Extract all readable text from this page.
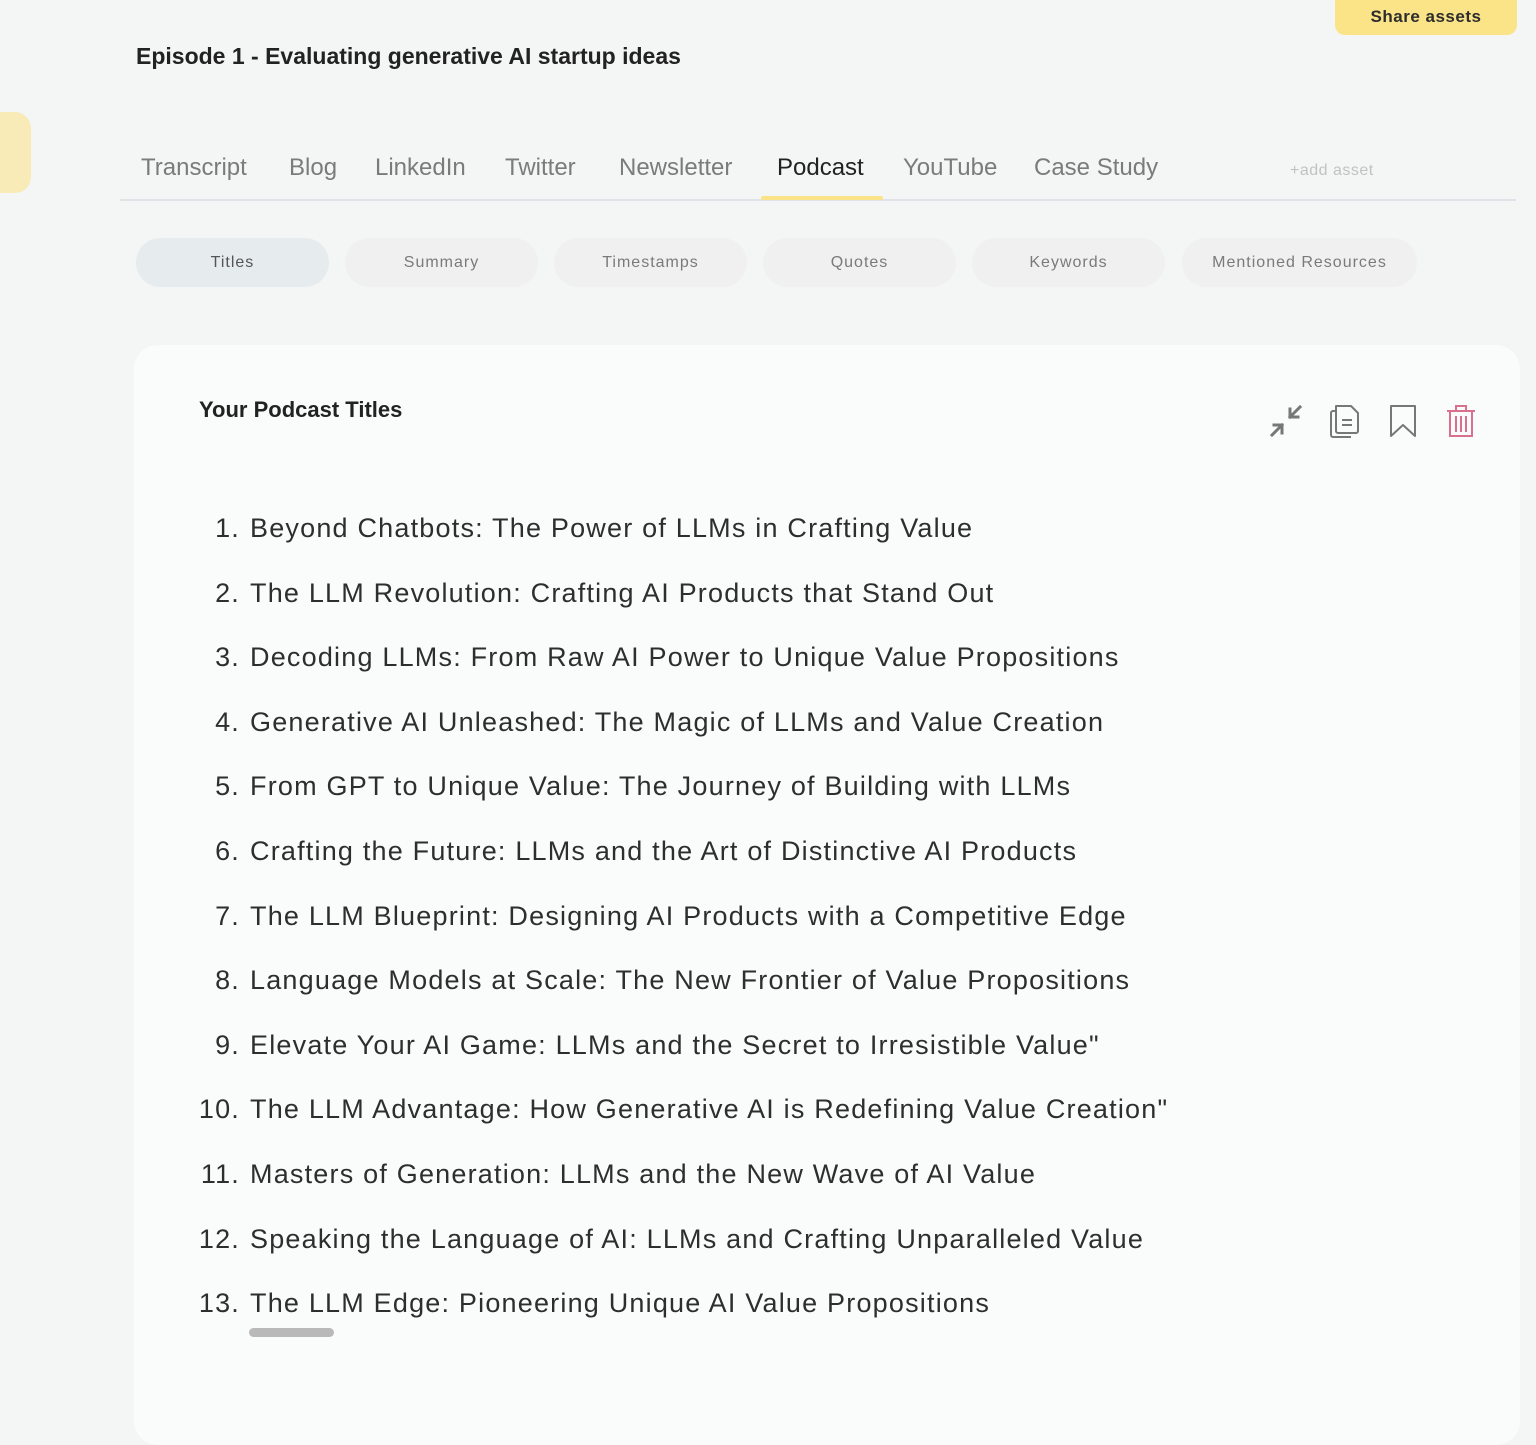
Share assets
Episode 1 - Evaluating generative AI startup ideas
Transcript Blog LinkedIn Twitter Newsletter Podcast YouTube Case Study	+add asset
Titles	Summary	Timestamps	Quotes	Keywords	Mentioned Resources
Your Podcast Titles
1. Beyond Chatbots: The Power of LLMs in Crafting Value
2. The LLM Revolution: Crafting AI Products that Stand Out
3. Decoding LLMs: From Raw AI Power to Unique Value Propositions
4. Generative AI Unleashed: The Magic of LLMs and Value Creation
5. From GPT to Unique Value: The Journey of Building with LLMs
6. Crafting the Future: LLMs and the Art of Distinctive AI Products
7. The LLM Blueprint: Designing AI Products with a Competitive Edge
8. Language Models at Scale: The New Frontier of Value Propositions
9. Elevate Your AI Game: LLMs and the Secret to Irresistible Value"
10. The LLM Advantage: How Generative AI is Redefining Value Creation"
11. Masters of Generation: LLMs and the New Wave of AI Value
12. Speaking the Language of AI: LLMs and Crafting Unparalleled Value
13. The LLM Edge: Pioneering Unique AI Value Propositions
